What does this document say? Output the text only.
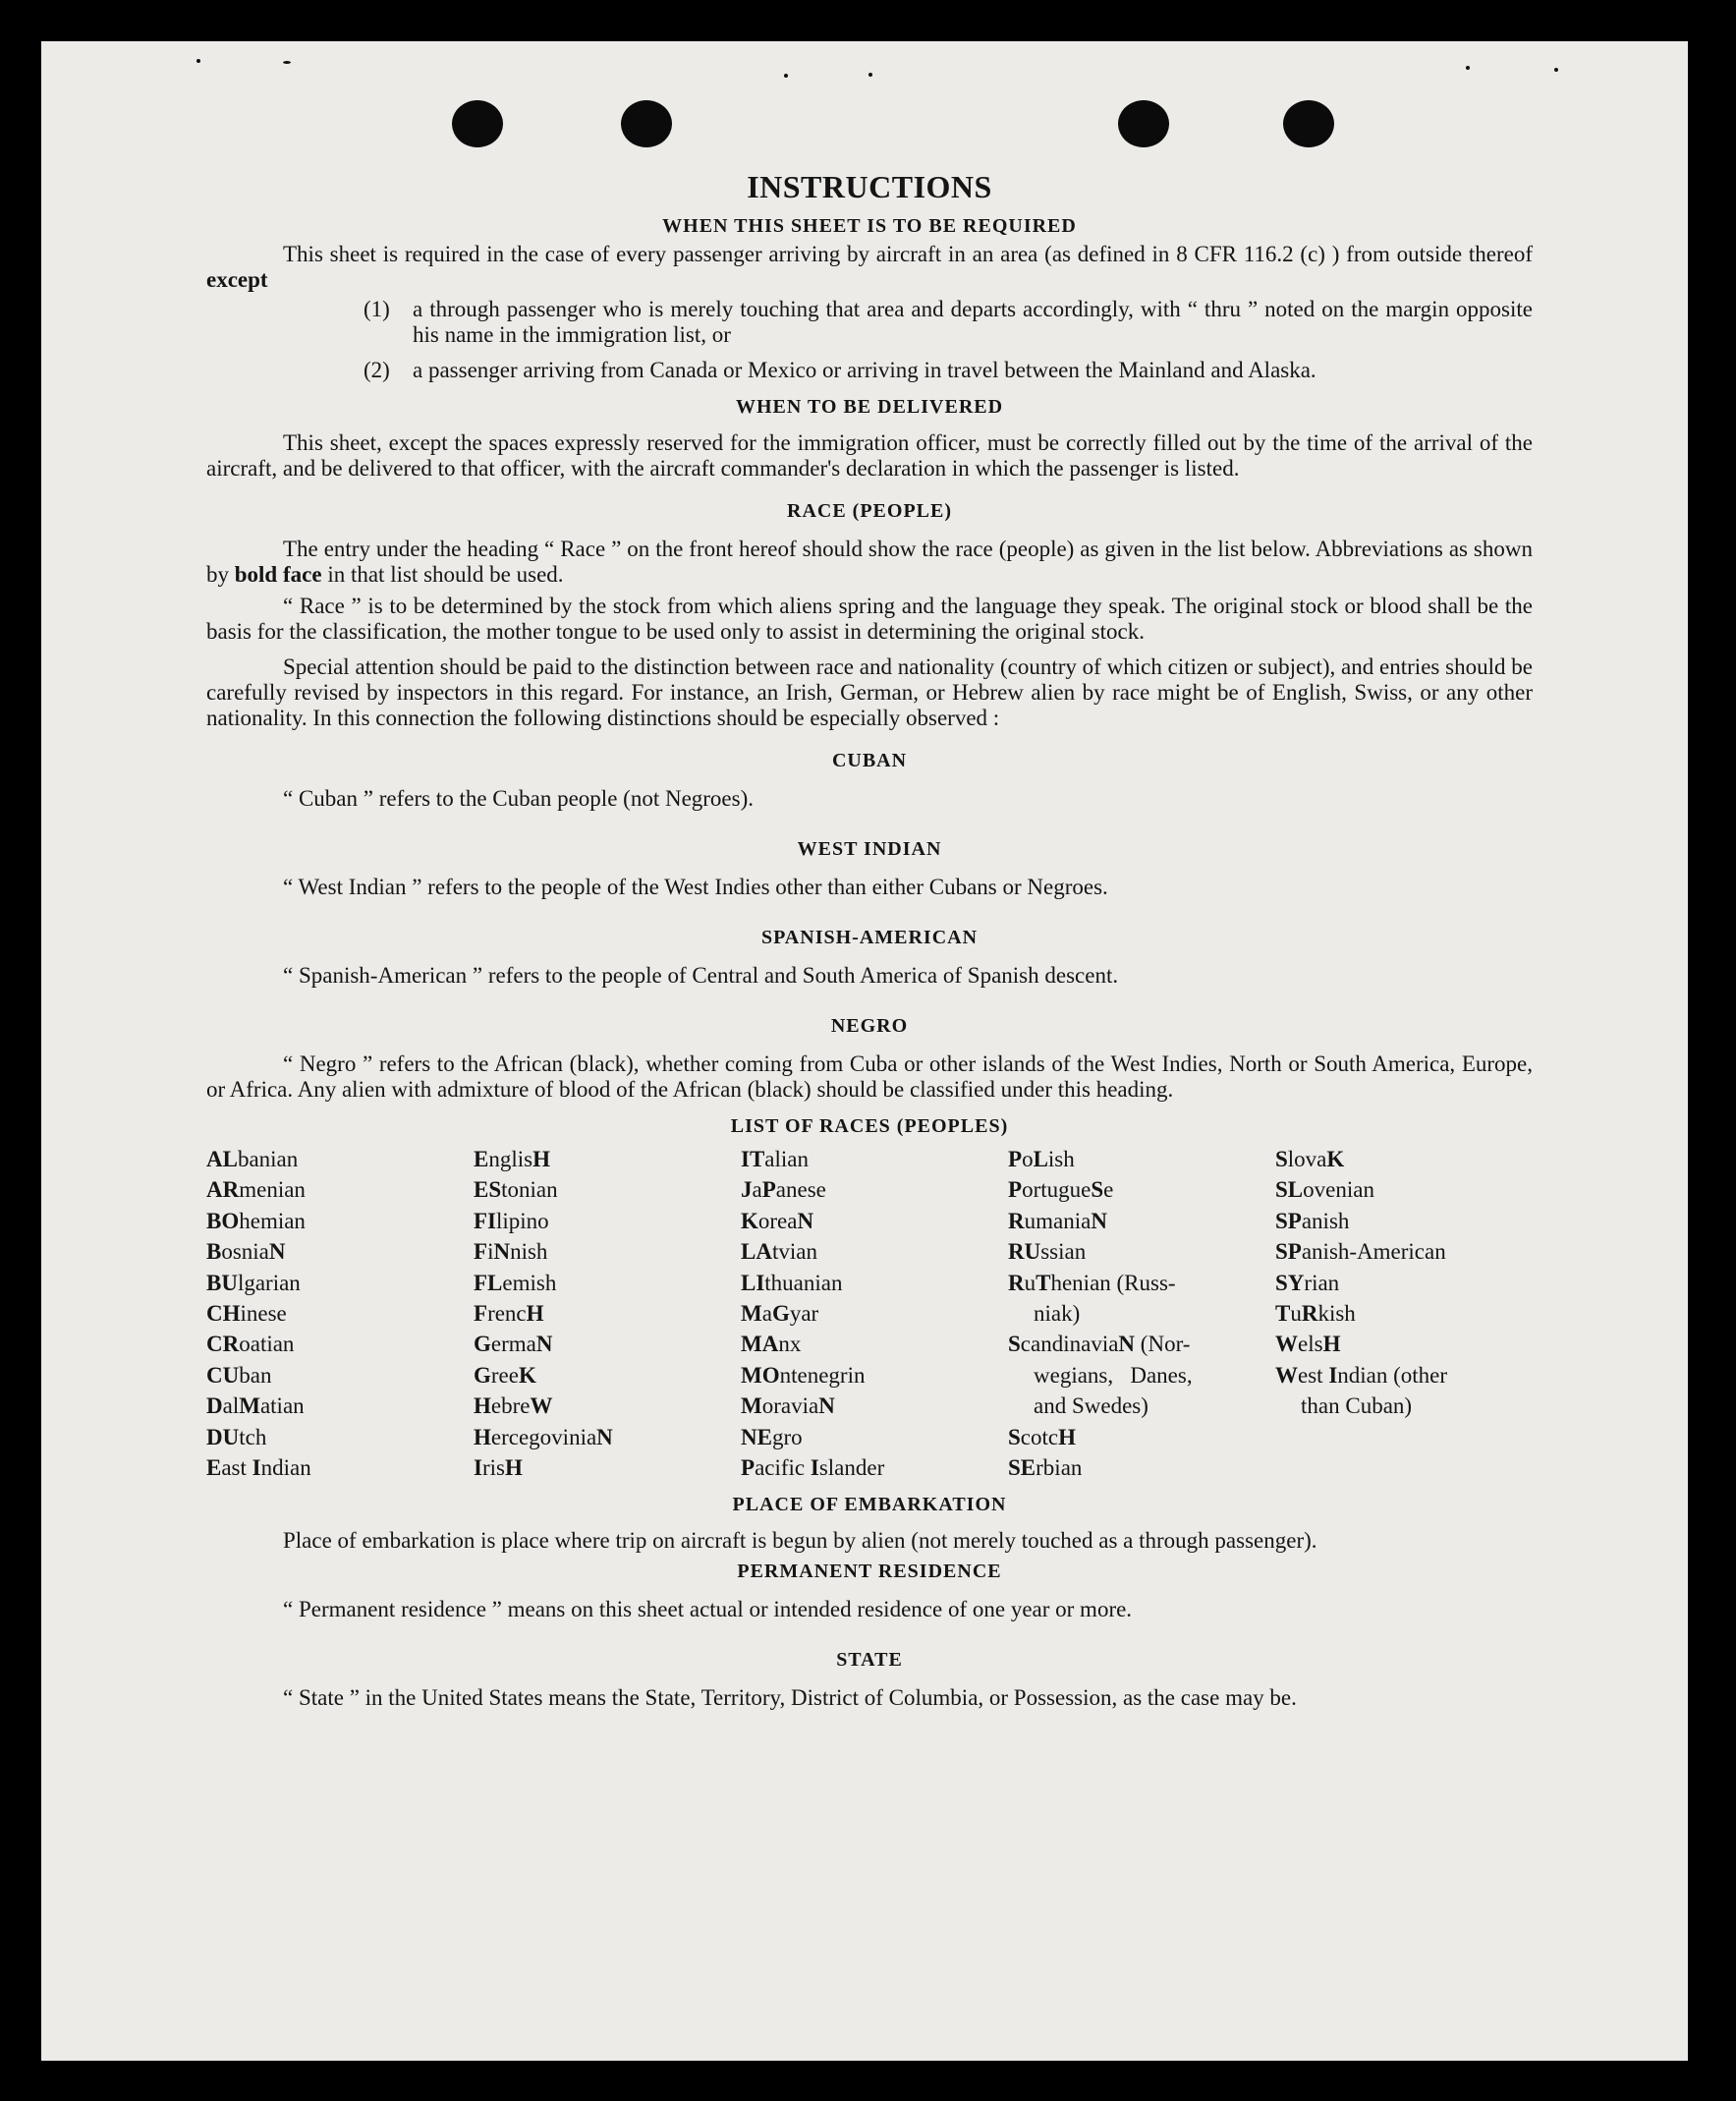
INSTRUCTIONS
WHEN THIS SHEET IS TO BE REQUIRED

This sheet is required in the case of every passenger arriving by aircraft in an area (as defined in 8 CFR 116.2 (c) ) from outside thereof except

(1)	a through passenger who is merely touching that area and departs accordingly, with “ thru ” noted on the margin opposite his name in the immigration list, or
(2)	a passenger arriving from Canada or Mexico or arriving in travel between the Mainland and Alaska.
WHEN TO BE DELIVERED

This sheet, except the spaces expressly reserved for the immigration officer, must be correctly filled out by the time of the arrival of the aircraft, and be delivered to that officer, with the aircraft commander's declaration in which the passenger is listed.

RACE (PEOPLE)

The entry under the heading “ Race ” on the front hereof should show the race (people) as given in the list below. Abbreviations as shown by bold face in that list should be used.

“ Race ” is to be determined by the stock from which aliens spring and the language they speak. The original stock or blood shall be the basis for the classification, the mother tongue to be used only to assist in determining the original stock.

Special attention should be paid to the distinction between race and nationality (country of which citizen or subject), and entries should be carefully revised by inspectors in this regard. For instance, an Irish, German, or Hebrew alien by race might be of English, Swiss, or any other nationality. In this connection the following distinctions should be especially observed :

CUBAN

“ Cuban ” refers to the Cuban people (not Negroes).

WEST INDIAN

“ West Indian ” refers to the people of the West Indies other than either Cubans or Negroes.

SPANISH-AMERICAN

“ Spanish-American ” refers to the people of Central and South America of Spanish descent.

NEGRO

“ Negro ” refers to the African (black), whether coming from Cuba or other islands of the West Indies, North or South America, Europe, or Africa. Any alien with admixture of blood of the African (black) should be classified under this heading.

LIST OF RACES (PEOPLES)
ALbanian
ARmenian
BOhemian
BosniaN
BUlgarian
CHinese
CRoatian
CUban
DalMatian
DUtch
East Indian
EnglisH
EStonian
FIlipino
FiNnish
FLemish
FrencH
GermaN
GreeK
HebreW
HercegoviniaN
IrisH
ITalian
JaPanese
KoreaN
LAtvian
LIthuanian
MaGyar
MAnx
MOntenegrin
MoraviaN
NEgro
Pacific Islander
PoLish
PortugueSe
RumaniaN
RUssian
RuThenian (Russ-
niak)
ScandinaviaN (Nor-
wegians,   Danes,
and Swedes)
ScotcH
SErbian
SlovaK
SLovenian
SPanish
SPanish-American
SYrian
TuRkish
WelsH
West Indian (other
than Cuban)
PLACE OF EMBARKATION

Place of embarkation is place where trip on aircraft is begun by alien (not merely touched as a through passenger).

PERMANENT RESIDENCE

“ Permanent residence ” means on this sheet actual or intended residence of one year or more.

STATE

“ State ” in the United States means the State, Territory, District of Columbia, or Possession, as the case may be.
